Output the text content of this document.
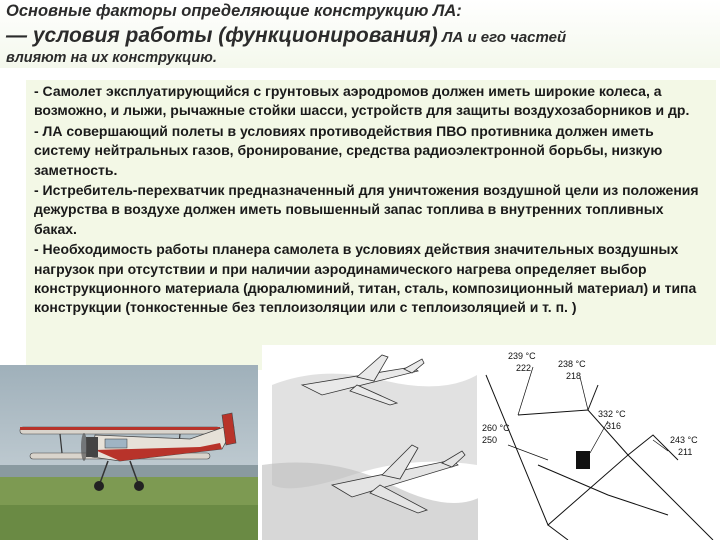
Основные факторы определяющие конструкцию ЛА:
— условия работы (функционирования) ЛА и его частей
влияют на их конструкцию.
- Самолет эксплуатирующийся с грунтовых аэродромов должен иметь широкие колеса, а возможно, и лыжи, рычажные стойки шасси, устройств для защиты воздухозаборников и др.
- ЛА совершающий полеты в условиях противодействия ПВО противника должен иметь систему нейтральных газов, бронирование, средства радиоэлектронной борьбы, низкую заметность.
- Истребитель-перехватчик предназначенный для уничтожения воздушной цели из положения дежурства в воздухе должен иметь повышенный запас топлива в внутренних топливных баках.
- Необходимость работы планера самолета в условиях действия значительных воздушных нагрузок при отсутствии и при наличии аэродинамического нагрева определяет выбор конструкционного материала (дюралюминий, титан, сталь, композиционный материал) и типа конструкции (тонкостенные без теплоизоляции или с теплоизоляцией и т. п. )
239 °C
222	238 °C
218
332 °C
316
260 °C
250	243 °C
211
